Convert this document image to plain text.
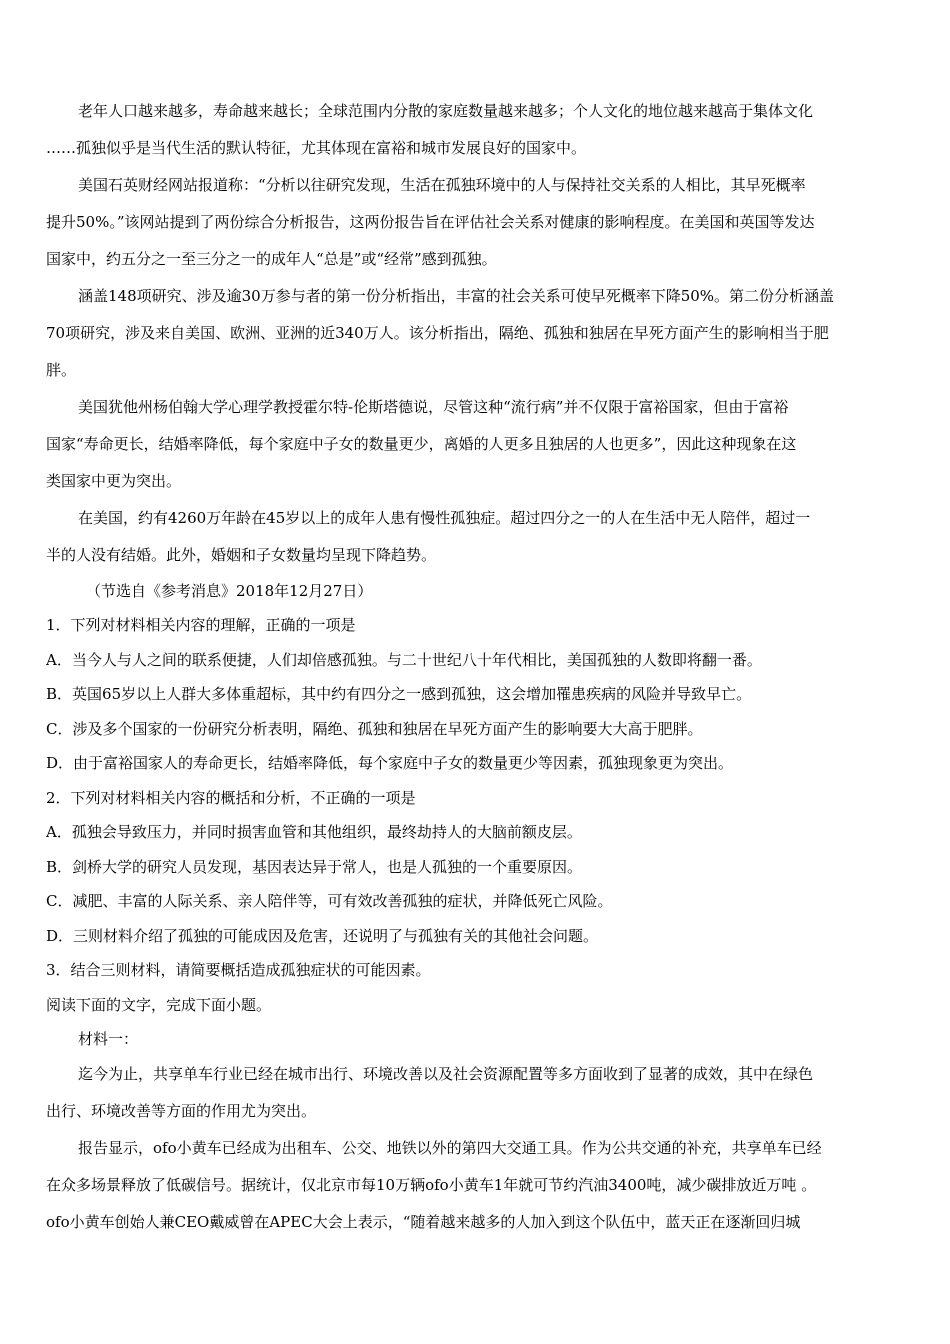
老年人口越来越多，寿命越来越长；全球范围内分散的家庭数量越来越多；个人文化的地位越来越高于集体文化
……孤独似乎是当代生活的默认特征，尤其体现在富裕和城市发展良好的国家中。

美国石英财经网站报道称：“分析以往研究发现，生活在孤独环境中的人与保持社交关系的人相比，其早死概率
提升50%。”该网站提到了两份综合分析报告，这两份报告旨在评估社会关系对健康的影响程度。在美国和英国等发达
国家中，约五分之一至三分之一的成年人“总是”或“经常”感到孤独。

涵盖148项研究、涉及逾30万参与者的第一份分析指出，丰富的社会关系可使早死概率下降50%。第二份分析涵盖
70项研究，涉及来自美国、欧洲、亚洲的近340万人。该分析指出，隔绝、孤独和独居在早死方面产生的影响相当于肥
胖。

美国犹他州杨伯翰大学心理学教授霍尔特-伦斯塔德说，尽管这种“流行病”并不仅限于富裕国家，但由于富裕
国家“寿命更长，结婚率降低，每个家庭中子女的数量更少，离婚的人更多且独居的人也更多”，因此这种现象在这
类国家中更为突出。

在美国，约有4260万年龄在45岁以上的成年人患有慢性孤独症。超过四分之一的人在生活中无人陪伴，超过一
半的人没有结婚。此外，婚姻和子女数量均呈现下降趋势。

（节选自《参考消息》2018年12月27日）

1．下列对材料相关内容的理解，正确的一项是

A．当今人与人之间的联系便捷，人们却倍感孤独。与二十世纪八十年代相比，美国孤独的人数即将翻一番。

B．英国65岁以上人群大多体重超标，其中约有四分之一感到孤独，这会增加罹患疾病的风险并导致早亡。

C．涉及多个国家的一份研究分析表明，隔绝、孤独和独居在早死方面产生的影响要大大高于肥胖。

D．由于富裕国家人的寿命更长，结婚率降低，每个家庭中子女的数量更少等因素，孤独现象更为突出。

2．下列对材料相关内容的概括和分析，不正确的一项是

A．孤独会导致压力，并同时损害血管和其他组织，最终劫持人的大脑前额皮层。

B．剑桥大学的研究人员发现，基因表达异于常人，也是人孤独的一个重要原因。

C．减肥、丰富的人际关系、亲人陪伴等，可有效改善孤独的症状，并降低死亡风险。

D．三则材料介绍了孤独的可能成因及危害，还说明了与孤独有关的其他社会问题。

3．结合三则材料，请简要概括造成孤独症状的可能因素。

阅读下面的文字，完成下面小题。

材料一：

迄今为止，共享单车行业已经在城市出行、环境改善以及社会资源配置等多方面收到了显著的成效，其中在绿色
出行、环境改善等方面的作用尤为突出。

报告显示，ofo小黄车已经成为出租车、公交、地铁以外的第四大交通工具。作为公共交通的补充，共享单车已经
在众多场景释放了低碳信号。据统计，仅北京市每10万辆ofo小黄车1年就可节约汽油3400吨，减少碳排放近万吨 。
ofo小黄车创始人兼CEO戴威曾在APEC大会上表示，“随着越来越多的人加入到这个队伍中，蓝天正在逐渐回归城
